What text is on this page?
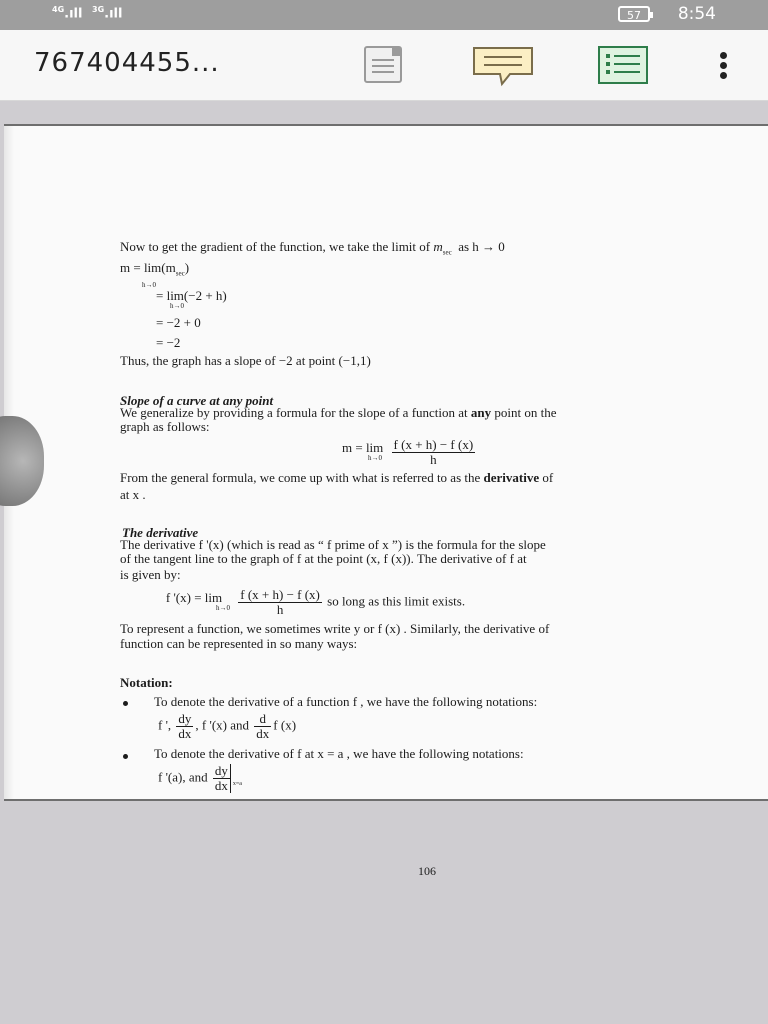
$^{4G}$.ıll $^{3G}$.ıll	57	8:54
767404455...
Now to get the gradient of the function, we take the limit of $m_{sec}$ as h → 0
$m = \lim(m_{sec})$
h→0
= lim(−2 + h)
h→0
= −2 + 0
= −2
Thus, the graph has a slope of −2 at point (−1,1)
Slope of a curve at any point
We generalize by providing a formula for the slope of a function at any point on the
graph as follows:
m = lim
h→0
$\frac{f (x + h) - f (x)}{h}$
From the general formula, we come up with what is referred to as the derivative of
at x .
The derivative
The derivative f '(x) (which is read as “ f prime of x ”) is the formula for the slope
of the tangent line to the graph of f at the point (x, f (x)). The derivative of f at
is given by:
f '(x) = lim
h→0
$\frac{f (x + h) - f (x)}{h}$ so long as this limit exists.
To represent a function, we sometimes write y or f (x) . Similarly, the derivative of
function can be represented in so many ways:
Notation:
To denote the derivative of a function f , we have the following notations:
f ', $\frac{dy}{dx}$ , f '(x) and $\frac{d}{dx}$ f (x)
To denote the derivative of f at x = a , we have the following notations:
f '(a), and $\frac{dy}{dx} _{x=a}$
106
